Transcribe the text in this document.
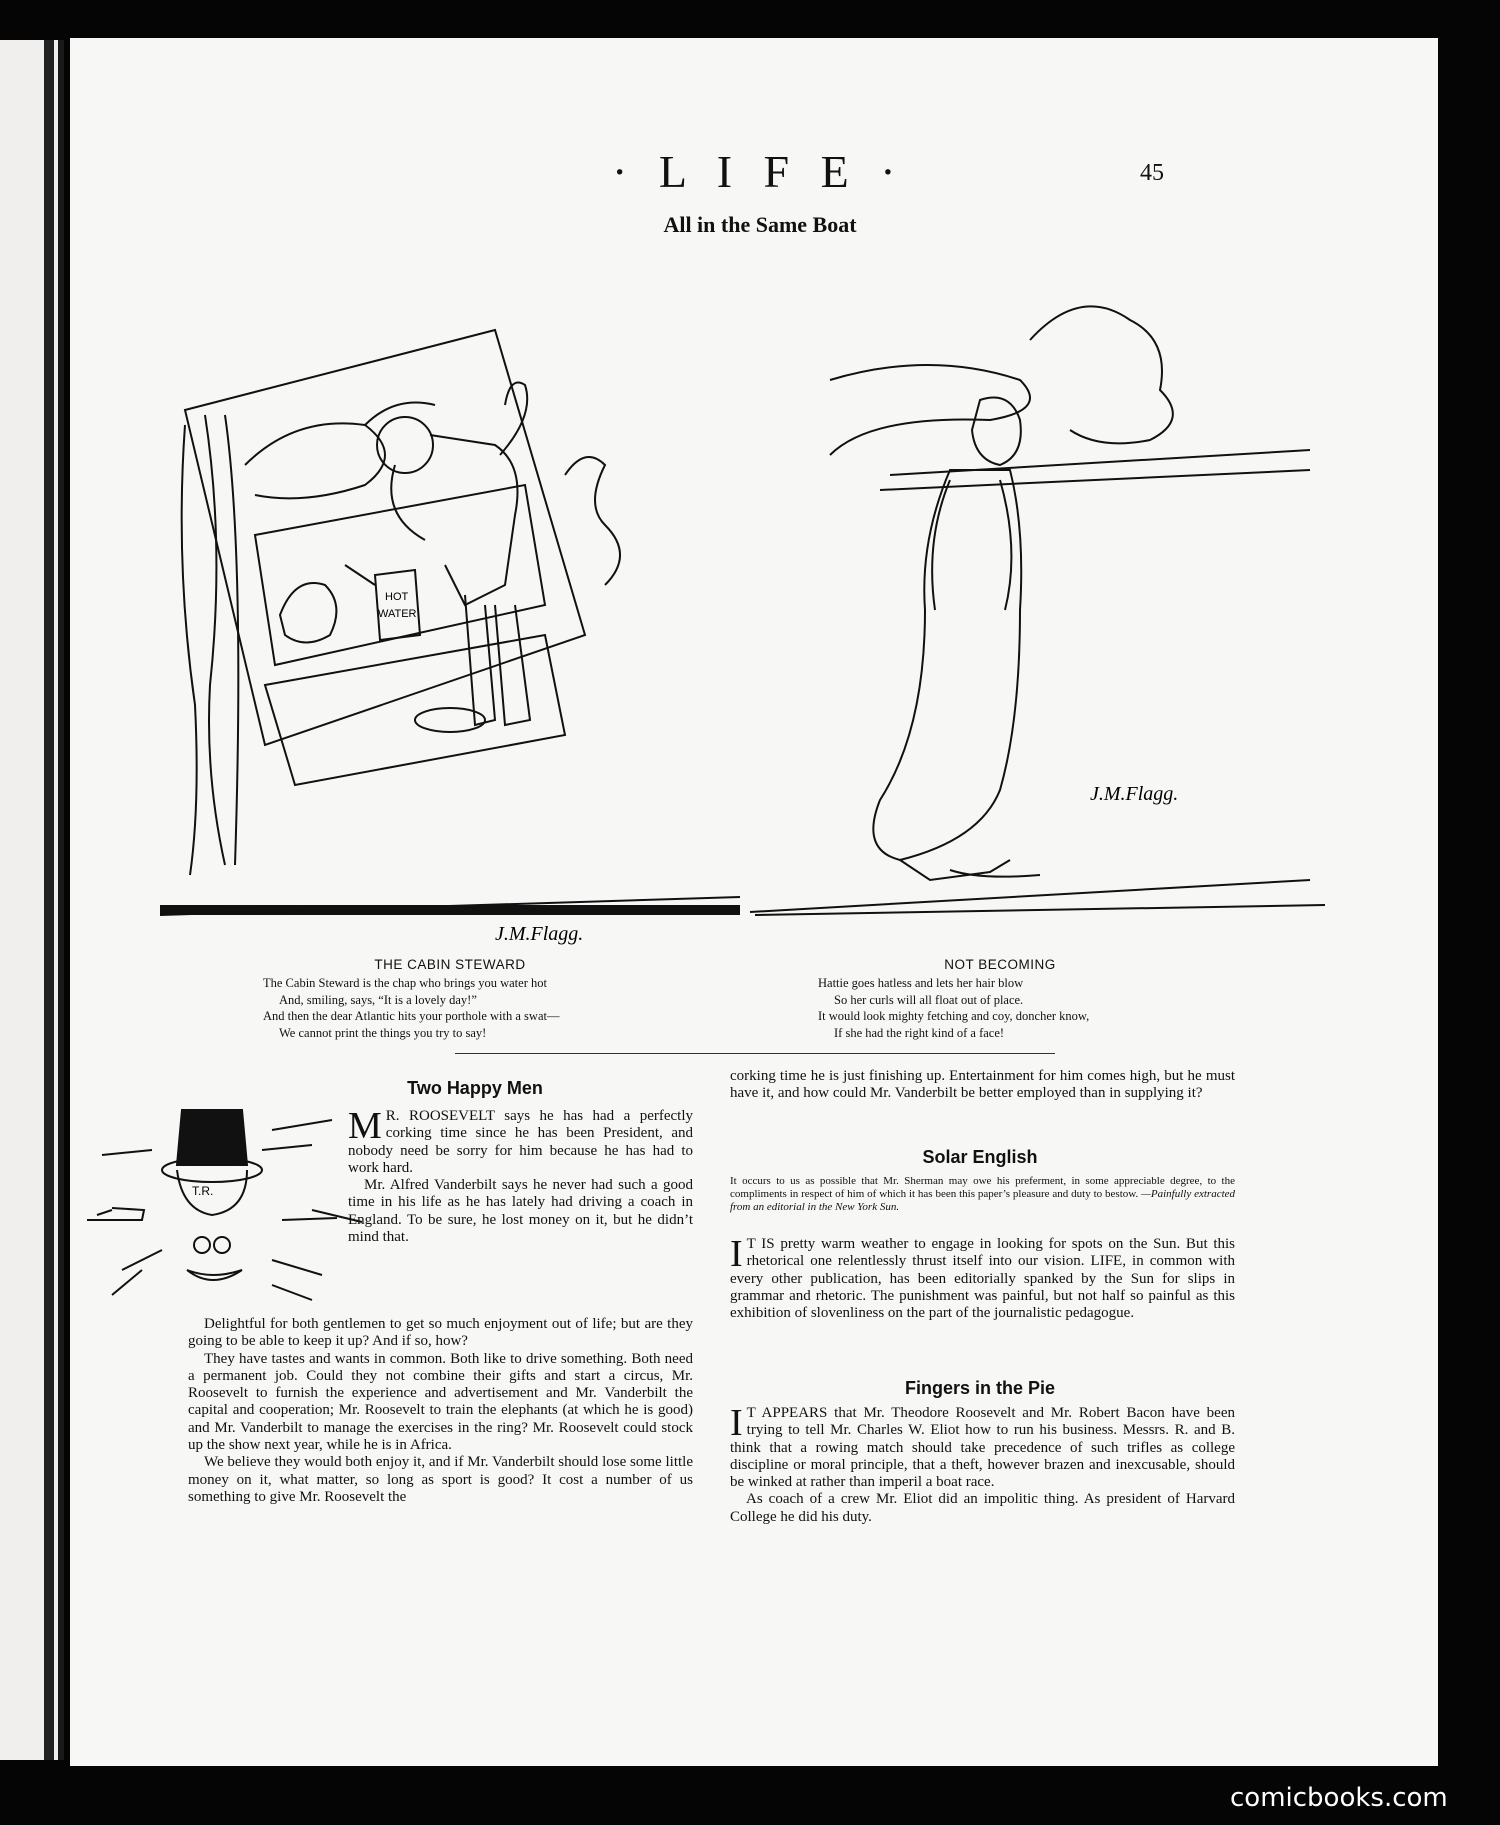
· L I F E ·	45
All in the Same Boat
HOT
WATER
J.M.Flagg.
J.M.Flagg.
THE CABIN STEWARD
The Cabin Steward is the chap who brings you water hot
And, smiling, says, “It is a lovely day!”
And then the dear Atlantic hits your porthole with a swat—
We cannot print the things you try to say!
NOT BECOMING
Hattie goes hatless and lets her hair blow
So her curls will all float out of place.
It would look mighty fetching and coy, doncher know,
If she had the right kind of a face!
Two Happy Men
T.R.

M R. ROOSEVELT says he has had a perfectly corking time since he has been President, and nobody need be sorry for him because he has had to work hard.

Mr. Alfred Vanderbilt says he never had such a good time in his life as he has lately had driving a coach in England. To be sure, he lost money on it, but he didn’t mind that.

Delightful for both gentlemen to get so much enjoyment out of life; but are they going to be able to keep it up? And if so, how?

They have tastes and wants in common. Both like to drive something. Both need a permanent job. Could they not combine their gifts and start a circus, Mr. Roosevelt to furnish the experience and advertisement and Mr. Vanderbilt the capital and cooperation; Mr. Roosevelt to train the elephants (at which he is good) and Mr. Vanderbilt to manage the exercises in the ring? Mr. Roosevelt could stock up the show next year, while he is in Africa.

We believe they would both enjoy it, and if Mr. Vanderbilt should lose some little money on it, what matter, so long as sport is good? It cost a number of us something to give Mr. Roosevelt the

corking time he is just finishing up. Entertainment for him comes high, but he must have it, and how could Mr. Vanderbilt be better employed than in supplying it?

Solar English
It occurs to us as possible that Mr. Sherman may owe his preferment, in some appreciable degree, to the compliments in respect of him of which it has been this paper’s pleasure and duty to bestow. —Painfully extracted from an editorial in the New York Sun.

I T IS pretty warm weather to engage in looking for spots on the Sun. But this rhetorical one relentlessly thrust itself into our vision. LIFE, in common with every other publication, has been editorially spanked by the Sun for slips in grammar and rhetoric. The punishment was painful, but not half so painful as this exhibition of slovenliness on the part of the journalistic pedagogue.

Fingers in the Pie

I T APPEARS that Mr. Theodore Roosevelt and Mr. Robert Bacon have been trying to tell Mr. Charles W. Eliot how to run his business. Messrs. R. and B. think that a rowing match should take precedence of such trifles as college discipline or moral principle, that a theft, however brazen and inexcusable, should be winked at rather than imperil a boat race.

As coach of a crew Mr. Eliot did an impolitic thing. As president of Harvard College he did his duty.

comicbooks.com
